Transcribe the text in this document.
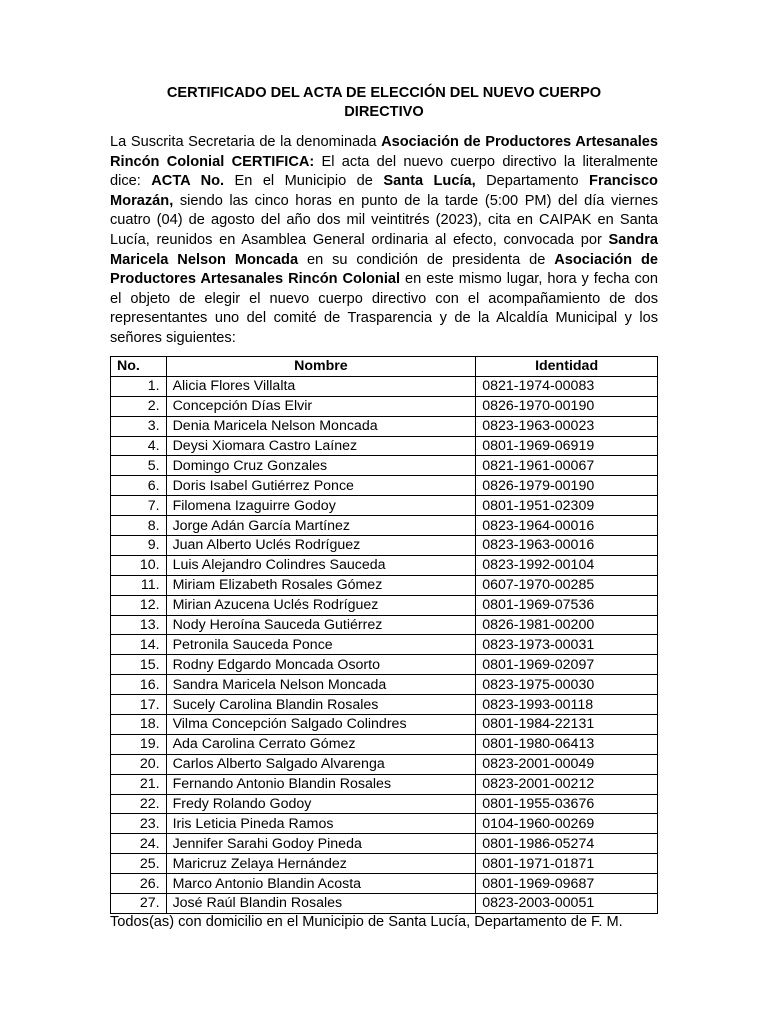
CERTIFICADO DEL ACTA DE ELECCIÓN DEL NUEVO CUERPO
DIRECTIVO

La Suscrita Secretaria de la denominada Asociación de Productores Artesanales Rincón Colonial CERTIFICA: El acta del nuevo cuerpo directivo la literalmente dice: ACTA No. En el Municipio de Santa Lucía, Departamento Francisco Morazán, siendo las cinco horas en punto de la tarde (5:00 PM) del día viernes cuatro (04) de agosto del año dos mil veintitrés (2023), cita en CAIPAK en Santa Lucía, reunidos en Asamblea General ordinaria al efecto, convocada por Sandra Maricela Nelson Moncada en su condición de presidenta de Asociación de Productores Artesanales Rincón Colonial en este mismo lugar, hora y fecha con el objeto de elegir el nuevo cuerpo directivo con el acompañamiento de dos representantes uno del comité de Trasparencia y de la Alcaldía Municipal y los señores siguientes:

No.	Nombre	Identidad
1.	Alicia Flores Villalta	0821-1974-00083
2.	Concepción Días Elvir	0826-1970-00190
3.	Denia Maricela Nelson Moncada	0823-1963-00023
4.	Deysi Xiomara Castro Laínez	0801-1969-06919
5.	Domingo Cruz Gonzales	0821-1961-00067
6.	Doris Isabel Gutiérrez Ponce	0826-1979-00190
7.	Filomena Izaguirre Godoy	0801-1951-02309
8.	Jorge Adán García Martínez	0823-1964-00016
9.	Juan Alberto Uclés Rodríguez	0823-1963-00016
10.	Luis Alejandro Colindres Sauceda	0823-1992-00104
11.	Miriam Elizabeth Rosales Gómez	0607-1970-00285
12.	Mirian Azucena Uclés Rodríguez	0801-1969-07536
13.	Nody Heroína Sauceda Gutiérrez	0826-1981-00200
14.	Petronila Sauceda Ponce	0823-1973-00031
15.	Rodny Edgardo Moncada Osorto	0801-1969-02097
16.	Sandra Maricela Nelson Moncada	0823-1975-00030
17.	Sucely Carolina Blandin Rosales	0823-1993-00118
18.	Vilma Concepción Salgado Colindres	0801-1984-22131
19.	Ada Carolina Cerrato Gómez	0801-1980-06413
20.	Carlos Alberto Salgado Alvarenga	0823-2001-00049
21.	Fernando Antonio Blandin Rosales	0823-2001-00212
22.	Fredy Rolando Godoy	0801-1955-03676
23.	Iris Leticia Pineda Ramos	0104-1960-00269
24.	Jennifer Sarahi Godoy Pineda	0801-1986-05274
25.	Maricruz Zelaya Hernández	0801-1971-01871
26.	Marco Antonio Blandin Acosta	0801-1969-09687
27.	José Raúl Blandin Rosales	0823-2003-00051
Todos(as) con domicilio en el Municipio de Santa Lucía, Departamento de F. M.
